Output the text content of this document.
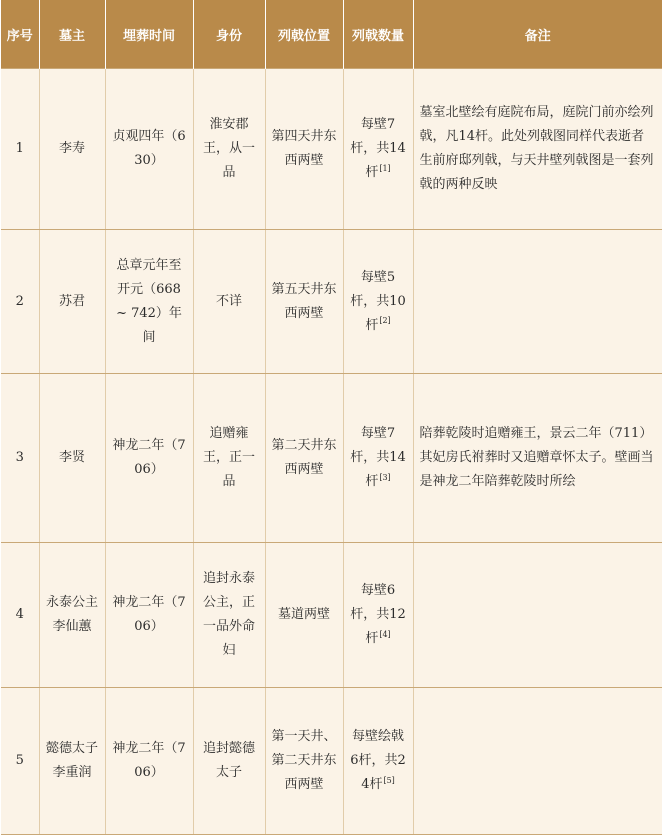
序号	墓主	埋葬时间	身份	列戟位置	列戟数量	备注
1	李寿	贞观四年（630）	淮安郡王，从一品	第四天井东西两壁	每壁7杆，共14杆[1]	墓室北壁绘有庭院布局，庭院门前亦绘列戟，凡14杆。此处列戟图同样代表逝者生前府邸列戟，与天井壁列戟图是一套列戟的两种反映
2	苏君	总章元年至开元（668 ~ 742）年间	不详	第五天井东西两壁	每壁5杆，共10杆[2]	
3	李贤	神龙二年（706）	追赠雍王，正一品	第二天井东西两壁	每壁7杆，共14杆[3]	陪葬乾陵时追赠雍王，景云二年（711）其妃房氏祔葬时又追赠章怀太子。壁画当是神龙二年陪葬乾陵时所绘
4	永泰公主李仙蕙	神龙二年（706）	追封永泰公主，正一品外命妇	墓道两壁	每壁6杆，共12杆[4]	
5	懿德太子李重润	神龙二年（706）	追封懿德太子	第一天井、第二天井东西两壁	每壁绘戟6杆，共24杆[5]	
